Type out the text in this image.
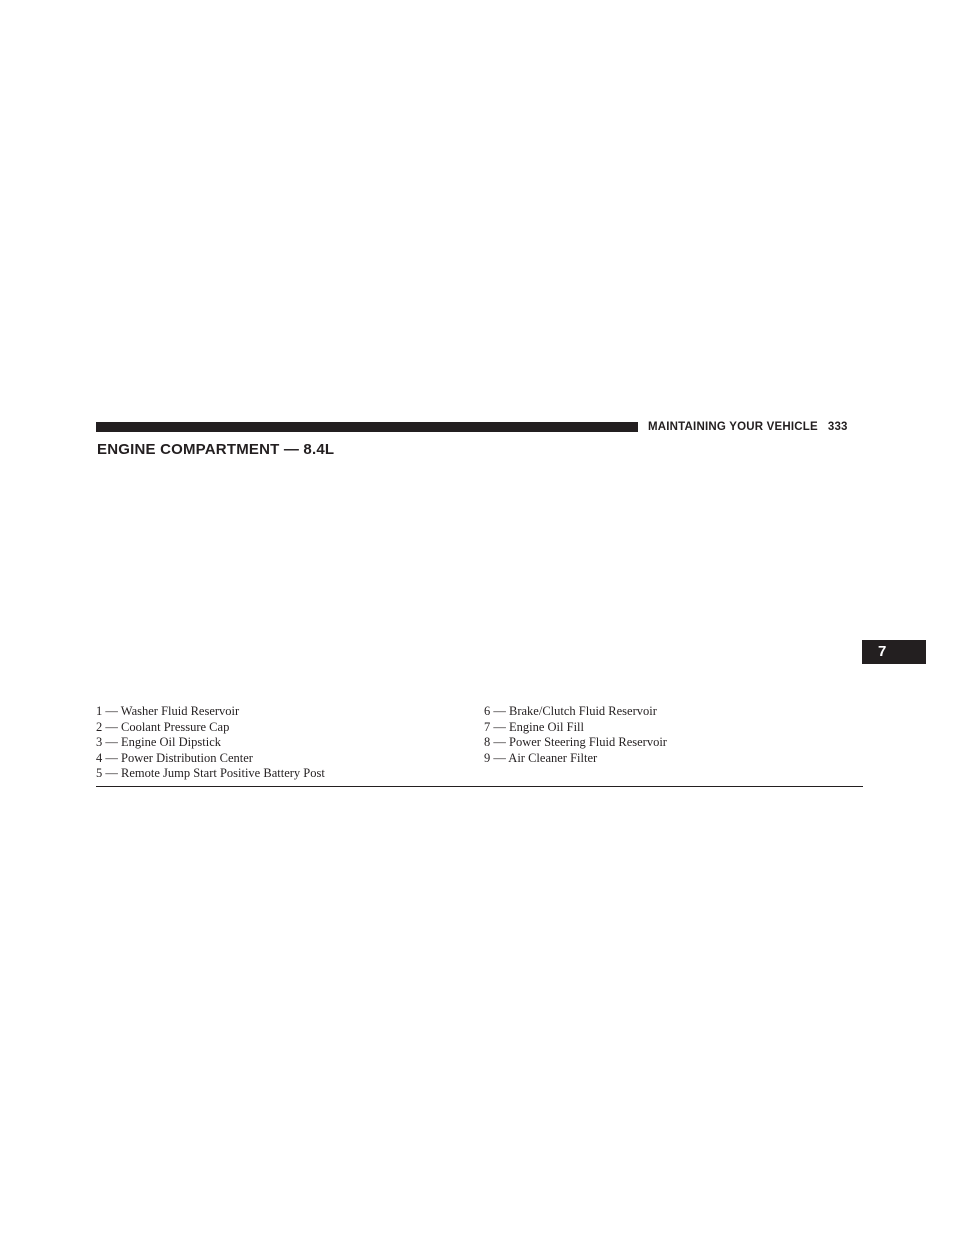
MAINTAINING YOUR VEHICLE 333
ENGINE COMPARTMENT — 8.4L
7
1 — Washer Fluid Reservoir
2 — Coolant Pressure Cap
3 — Engine Oil Dipstick
4 — Power Distribution Center
5 — Remote Jump Start Positive Battery Post
6 — Brake/Clutch Fluid Reservoir
7 — Engine Oil Fill
8 — Power Steering Fluid Reservoir
9 — Air Cleaner Filter
